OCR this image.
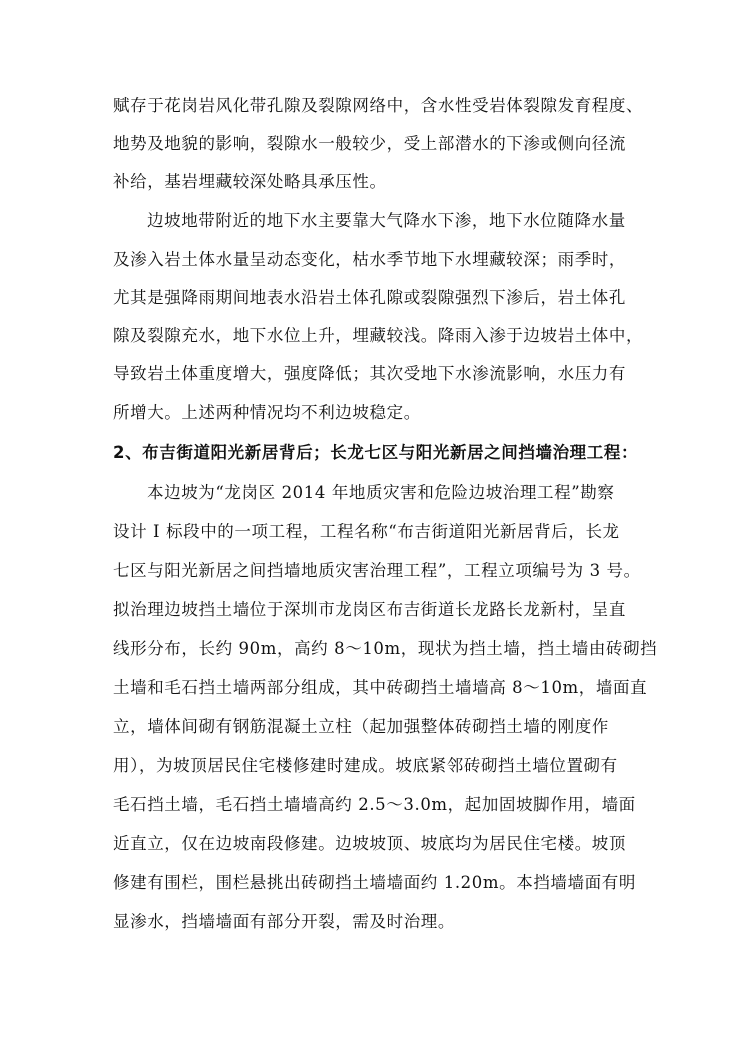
赋存于花岗岩风化带孔隙及裂隙网络中，含水性受岩体裂隙发育程度、
地势及地貌的影响，裂隙水一般较少，受上部潜水的下渗或侧向径流
补给，基岩埋藏较深处略具承压性。
边坡地带附近的地下水主要靠大气降水下渗，地下水位随降水量
及渗入岩土体水量呈动态变化，枯水季节地下水埋藏较深；雨季时，
尤其是强降雨期间地表水沿岩土体孔隙或裂隙强烈下渗后，岩土体孔
隙及裂隙充水，地下水位上升，埋藏较浅。降雨入渗于边坡岩土体中，
导致岩土体重度增大，强度降低；其次受地下水渗流影响，水压力有
所增大。上述两种情况均不利边坡稳定。
2、布吉街道阳光新居背后；长龙七区与阳光新居之间挡墙治理工程：
本边坡为“龙岗区 2014 年地质灾害和危险边坡治理工程”勘察
设计 I 标段中的一项工程，工程名称“布吉街道阳光新居背后，长龙
七区与阳光新居之间挡墙地质灾害治理工程”，工程立项编号为 3 号。
拟治理边坡挡土墙位于深圳市龙岗区布吉街道长龙路长龙新村，呈直
线形分布，长约 90m，高约 8～10m，现状为挡土墙，挡土墙由砖砌挡
土墙和毛石挡土墙两部分组成，其中砖砌挡土墙墙高 8～10m，墙面直
立，墙体间砌有钢筋混凝土立柱（起加强整体砖砌挡土墙的刚度作
用），为坡顶居民住宅楼修建时建成。坡底紧邻砖砌挡土墙位置砌有
毛石挡土墙，毛石挡土墙墙高约 2.5～3.0m，起加固坡脚作用，墙面
近直立，仅在边坡南段修建。边坡坡顶、坡底均为居民住宅楼。坡顶
修建有围栏，围栏悬挑出砖砌挡土墙墙面约 1.20m。本挡墙墙面有明
显渗水，挡墙墙面有部分开裂，需及时治理。
